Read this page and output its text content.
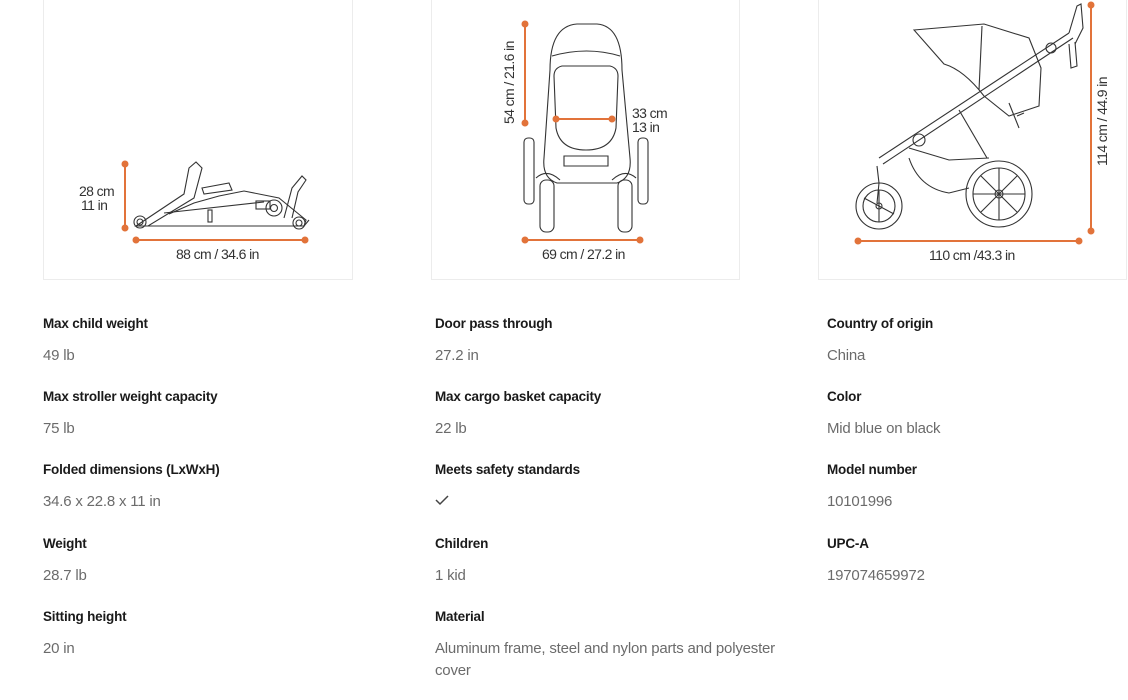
28 cm
11 in
88 cm / 34.6 in
54 cm / 21.6 in	33 cm
13 in
69 cm / 27.2 in
114 cm / 44.9 in
110 cm /43.3 in
Max child weight
49 lb
Max stroller weight capacity
75 lb
Folded dimensions (LxWxH)
34.6 x 22.8 x 11 in
Weight
28.7 lb
Sitting height
20 in
Door pass through
27.2 in
Max cargo basket capacity
22 lb
Meets safety standards
Children
1 kid
Material
Aluminum frame, steel and nylon parts and polyester cover
Country of origin
China
Color
Mid blue on black
Model number
10101996
UPC-A
197074659972
